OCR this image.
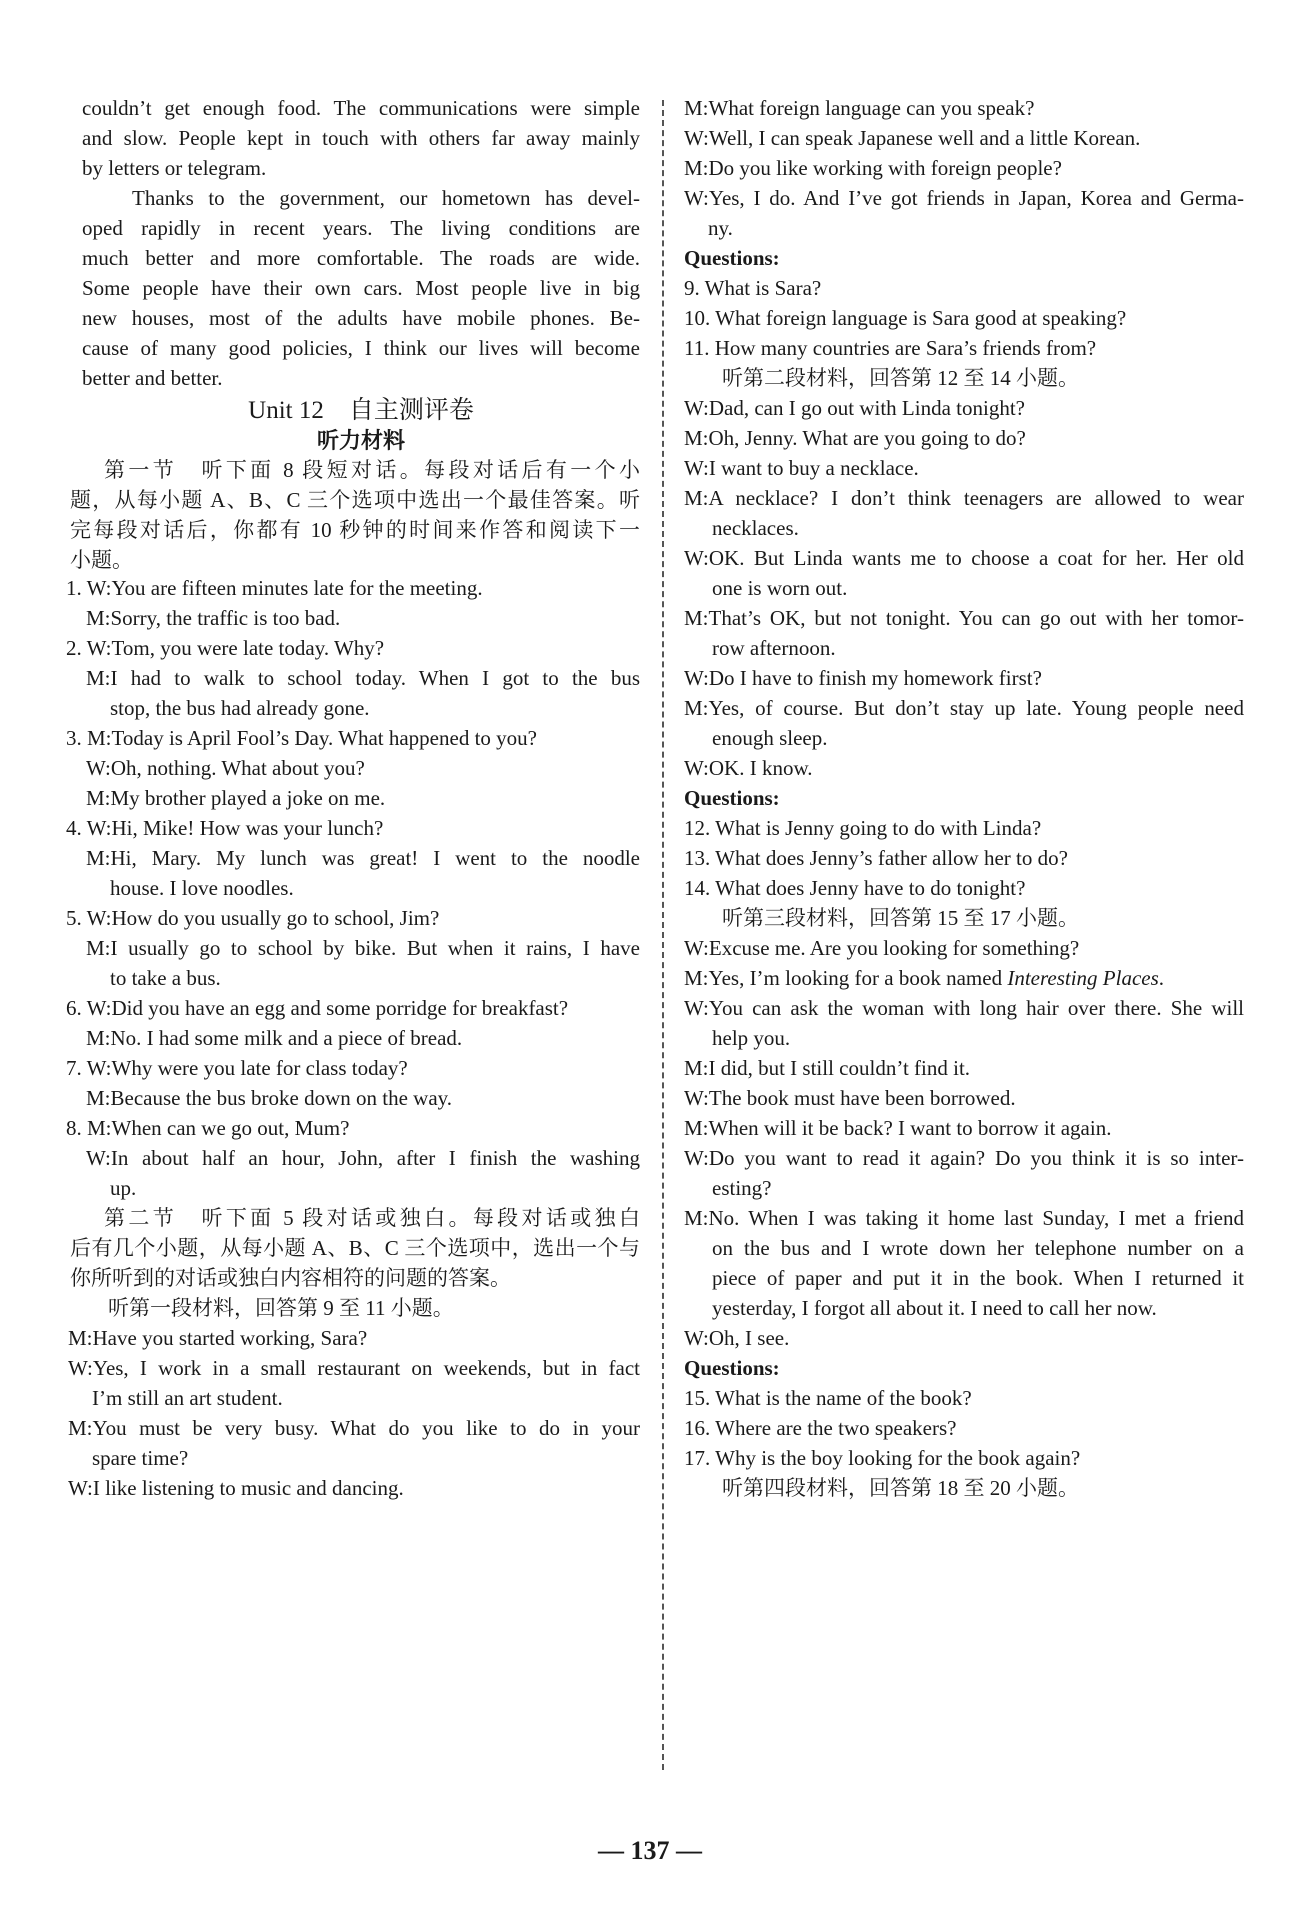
couldn’t get enough food. The communications were simple
and slow. People kept in touch with others far away mainly
by letters or telegram.
Thanks to the government, our hometown has devel-
oped rapidly in recent years. The living conditions are
much better and more comfortable. The roads are wide.
Some people have their own cars. Most people live in big
new houses, most of the adults have mobile phones. Be-
cause of many good policies, I think our lives will become
better and better.
Unit 12　自主测评卷
听力材料
第一节　听下面 8 段短对话。每段对话后有一个小
题，从每小题 A、B、C 三个选项中选出一个最佳答案。听
完每段对话后，你都有 10 秒钟的时间来作答和阅读下一
小题。
1. W:You are fifteen minutes late for the meeting.
M:Sorry, the traffic is too bad.
2. W:Tom, you were late today. Why?
M:I had to walk to school today. When I got to the bus
stop, the bus had already gone.
3. M:Today is April Fool’s Day. What happened to you?
W:Oh, nothing. What about you?
M:My brother played a joke on me.
4. W:Hi, Mike! How was your lunch?
M:Hi, Mary. My lunch was great! I went to the noodle
house. I love noodles.
5. W:How do you usually go to school, Jim?
M:I usually go to school by bike. But when it rains, I have
to take a bus.
6. W:Did you have an egg and some porridge for breakfast?
M:No. I had some milk and a piece of bread.
7. W:Why were you late for class today?
M:Because the bus broke down on the way.
8. M:When can we go out, Mum?
W:In about half an hour, John, after I finish the washing
up.
第二节　听下面 5 段对话或独白。每段对话或独白
后有几个小题，从每小题 A、B、C 三个选项中，选出一个与
你所听到的对话或独白内容相符的问题的答案。
听第一段材料，回答第 9 至 11 小题。
M:Have you started working, Sara?
W:Yes, I work in a small restaurant on weekends, but in fact
I’m still an art student.
M:You must be very busy. What do you like to do in your
spare time?
W:I like listening to music and dancing.
M:What foreign language can you speak?
W:Well, I can speak Japanese well and a little Korean.
M:Do you like working with foreign people?
W:Yes, I do. And I’ve got friends in Japan, Korea and Germa-
ny.
Questions:
9. What is Sara?
10. What foreign language is Sara good at speaking?
11. How many countries are Sara’s friends from?
听第二段材料，回答第 12 至 14 小题。
W:Dad, can I go out with Linda tonight?
M:Oh, Jenny. What are you going to do?
W:I want to buy a necklace.
M:A necklace? I don’t think teenagers are allowed to wear
necklaces.
W:OK. But Linda wants me to choose a coat for her. Her old
one is worn out.
M:That’s OK, but not tonight. You can go out with her tomor-
row afternoon.
W:Do I have to finish my homework first?
M:Yes, of course. But don’t stay up late. Young people need
enough sleep.
W:OK. I know.
Questions:
12. What is Jenny going to do with Linda?
13. What does Jenny’s father allow her to do?
14. What does Jenny have to do tonight?
听第三段材料，回答第 15 至 17 小题。
W:Excuse me. Are you looking for something?
M:Yes, I’m looking for a book named Interesting Places.
W:You can ask the woman with long hair over there. She will
help you.
M:I did, but I still couldn’t find it.
W:The book must have been borrowed.
M:When will it be back? I want to borrow it again.
W:Do you want to read it again? Do you think it is so inter-
esting?
M:No. When I was taking it home last Sunday, I met a friend
on the bus and I wrote down her telephone number on a
piece of paper and put it in the book. When I returned it
yesterday, I forgot all about it. I need to call her now.
W:Oh, I see.
Questions:
15. What is the name of the book?
16. Where are the two speakers?
17. Why is the boy looking for the book again?
听第四段材料，回答第 18 至 20 小题。
— 137 —
